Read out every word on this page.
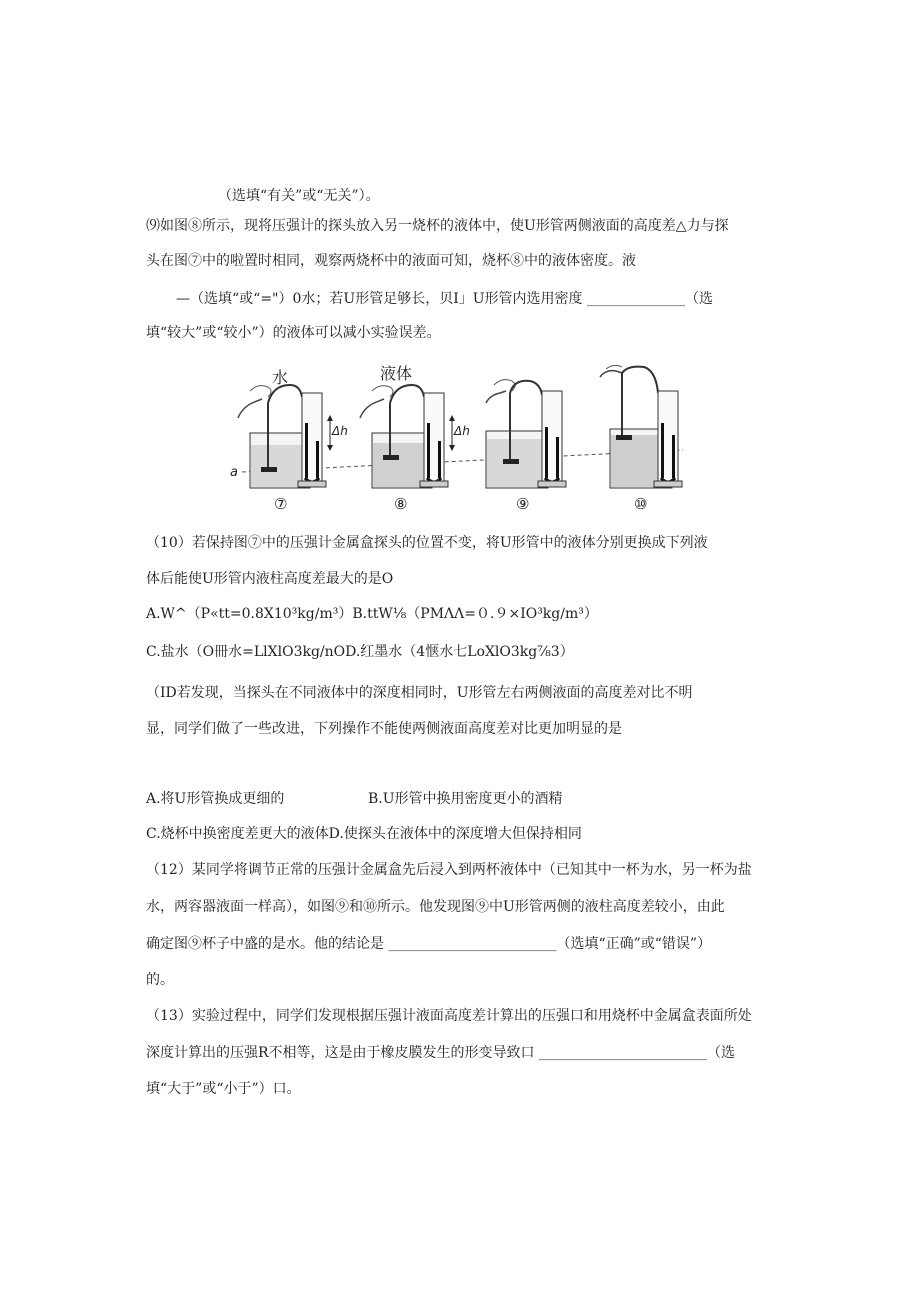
（选填“有关”或“无关”）。
⑼如图⑧所示，现将压强计的探头放入另一烧杯的液体中，使U形管两侧液面的高度差△力与探
头在图⑦中的啦置时相同，观察两烧杯中的液面可知，烧杯⑧中的液体密度。液
—（选填“或“="）0水；若U形管足够长，贝I」U形管内选用密度 ______________（选
填“较大”或“较小”）的液体可以减小实验误差。
水	液体
a
Δh	Δh
⑦	⑧	⑨	⑩
（10）若保持图⑦中的压强计金属盒探头的位置不变，将U形管中的液体分别更换成下列液
体后能使U形管内液柱高度差最大的是O
A.W^（P«tt=0.8X10³kg∕m³）B.ttW⅛（PMΛΛ=０.９×IO³kg∕m³）
C.盐水（O冊水=LlXlO3kg/nOD.红墨水（4惬水七LoXlO3kg⅞3）
（ID若发现，当探头在不同液体中的深度相同时，U形管左右两侧液面的高度差对比不明
显，同学们做了一些改进，下列操作不能使两侧液面高度差对比更加明显的是
A.将U形管换成更细的	B.U形管中换用密度更小的酒精
C.烧杯中换密度差更大的液体D.使探头在液体中的深度增大但保持相同
（12）某同学将调节正常的压强计金属盒先后浸入到两杯液体中（已知其中一杯为水，另一杯为盐
水，两容器液面一样高），如图⑨和⑩所示。他发现图⑨中U形管两侧的液柱高度差较小，由此
确定图⑨杯子中盛的是水。他的结论是 ________________________（选填“正确”或“错误”）
的。
（13）实验过程中，同学们发现根据压强计液面高度差计算出的压强口和用烧杯中金属盒表面所处
深度计算出的压强R不相等，这是由于橡皮膜发生的形变导致口 ________________________（选
填“大于”或“小于”）口。
